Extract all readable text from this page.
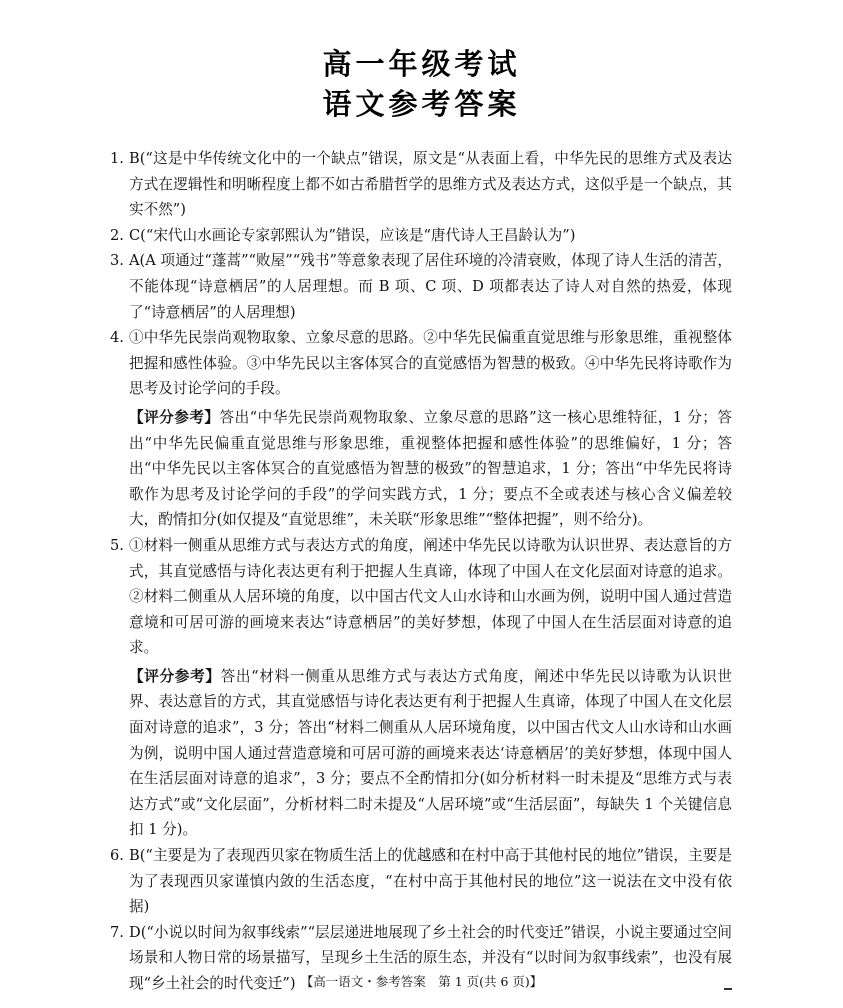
高一年级考试
语文参考答案
1. B(“这是中华传统文化中的一个缺点”错误，原文是“从表面上看，中华先民的思维方式及表达方式在逻辑性和明晰程度上都不如古希腊哲学的思维方式及表达方式，这似乎是一个缺点，其实不然”)
2. C(“宋代山水画论专家郭熙认为”错误，应该是“唐代诗人王昌龄认为”)
3. A(A 项通过“蓬蒿”“败屋”“残书”等意象表现了居住环境的冷清衰败，体现了诗人生活的清苦，不能体现“诗意栖居”的人居理想。而 B 项、C 项、D 项都表达了诗人对自然的热爱，体现了“诗意栖居”的人居理想)
4. ①中华先民崇尚观物取象、立象尽意的思路。②中华先民偏重直觉思维与形象思维，重视整体把握和感性体验。③中华先民以主客体冥合的直觉感悟为智慧的极致。④中华先民将诗歌作为思考及讨论学问的手段。
【评分参考】答出“中华先民崇尚观物取象、立象尽意的思路”这一核心思维特征，1 分；答出“中华先民偏重直觉思维与形象思维，重视整体把握和感性体验”的思维偏好，1 分；答出“中华先民以主客体冥合的直觉感悟为智慧的极致”的智慧追求，1 分；答出“中华先民将诗歌作为思考及讨论学问的手段”的学问实践方式，1 分；要点不全或表述与核心含义偏差较大，酌情扣分(如仅提及“直觉思维”，未关联“形象思维”“整体把握”，则不给分)。
5. ①材料一侧重从思维方式与表达方式的角度，阐述中华先民以诗歌为认识世界、表达意旨的方式，其直觉感悟与诗化表达更有利于把握人生真谛，体现了中国人在文化层面对诗意的追求。②材料二侧重从人居环境的角度，以中国古代文人山水诗和山水画为例，说明中国人通过营造意境和可居可游的画境来表达“诗意栖居”的美好梦想，体现了中国人在生活层面对诗意的追求。
【评分参考】答出“材料一侧重从思维方式与表达方式角度，阐述中华先民以诗歌为认识世界、表达意旨的方式，其直觉感悟与诗化表达更有利于把握人生真谛，体现了中国人在文化层面对诗意的追求”，3 分；答出“材料二侧重从人居环境角度，以中国古代文人山水诗和山水画为例，说明中国人通过营造意境和可居可游的画境来表达‘诗意栖居’的美好梦想，体现中国人在生活层面对诗意的追求”，3 分；要点不全酌情扣分(如分析材料一时未提及“思维方式与表达方式”或“文化层面”，分析材料二时未提及“人居环境”或“生活层面”，每缺失 1 个关键信息扣 1 分)。
6. B(“主要是为了表现西贝家在物质生活上的优越感和在村中高于其他村民的地位”错误，主要是为了表现西贝家谨慎内敛的生活态度，“在村中高于其他村民的地位”这一说法在文中没有依据)
7. D(“小说以时间为叙事线索”“层层递进地展现了乡土社会的时代变迁”错误，小说主要通过空间场景和人物日常的场景描写，呈现乡土生活的原生态，并没有“以时间为叙事线索”，也没有展现“乡土社会的时代变迁”) 【高一语文・参考答案　第 1 页(共 6 页)】
